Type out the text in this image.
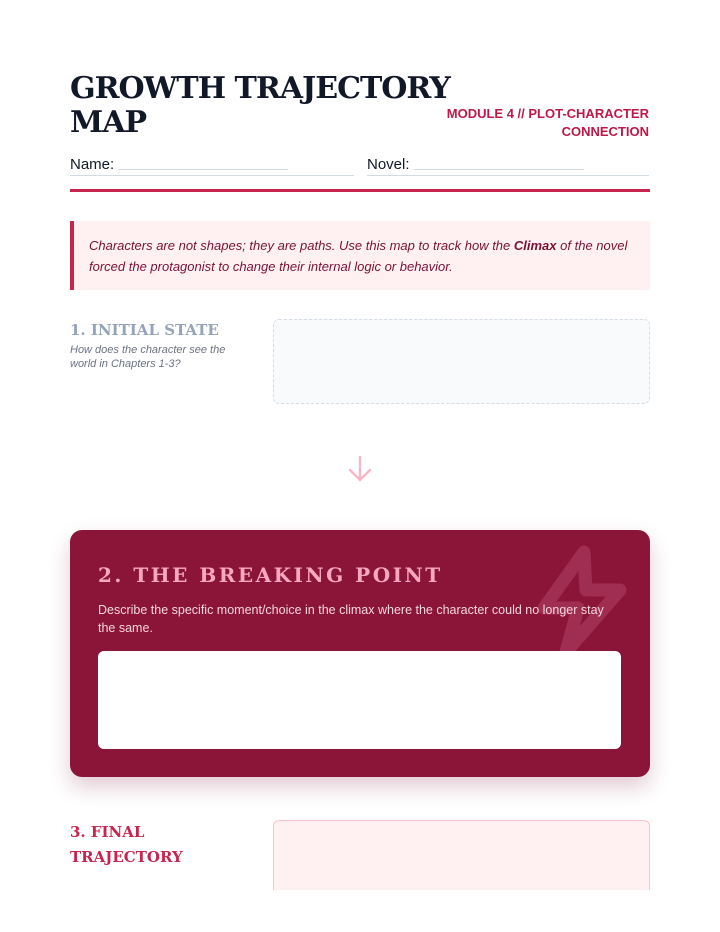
GROWTH TRAJECTORY MAP	MODULE 4 // PLOT-CHARACTER CONNECTION
Name:	Novel:

Characters are not shapes; they are paths. Use this map to track how the Climax of the novel forced the protagonist to change their internal logic or behavior.

1. INITIAL STATE
How does the character see the world in Chapters 1-3?
2. THE BREAKING POINT
Describe the specific moment/choice in the climax where the character could no longer stay the same.
3. FINAL TRAJECTORY
